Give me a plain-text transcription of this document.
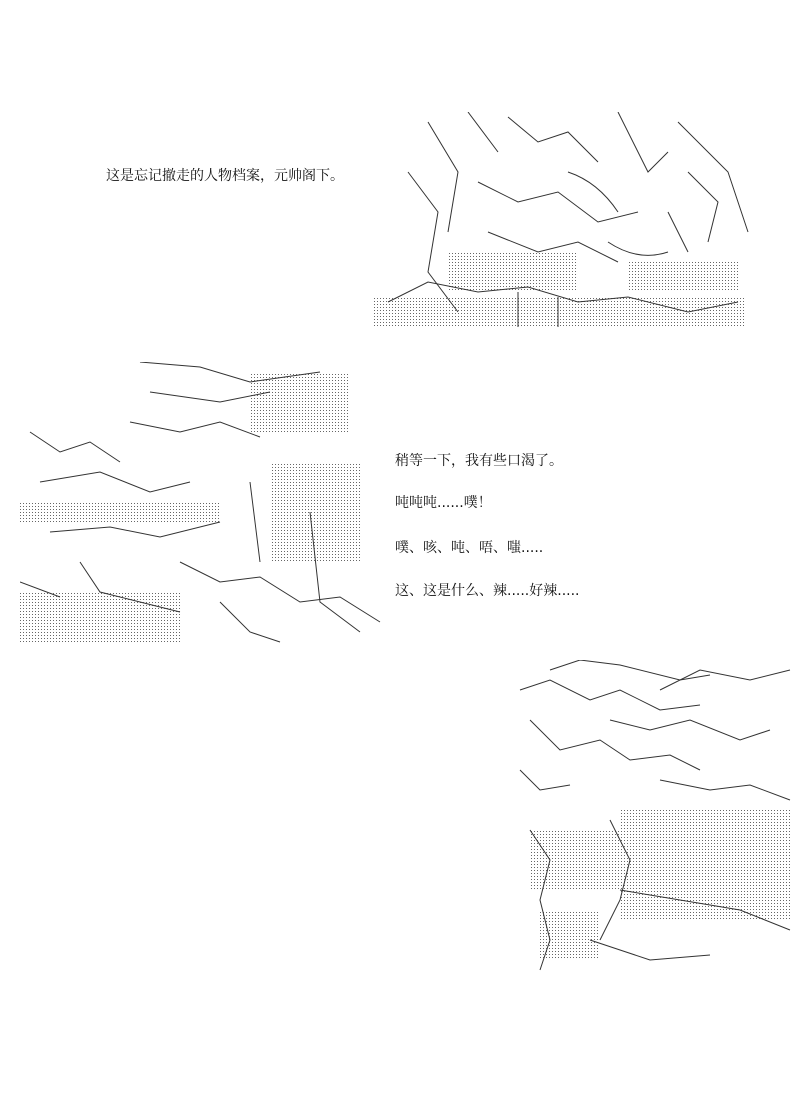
这是忘记撤走的人物档案，元帅阁下。
稍等一下，我有些口渴了。
吨吨吨......噗！
噗、咳、吨、唔、嗤.....
这、这是什么、辣.....好辣.....
